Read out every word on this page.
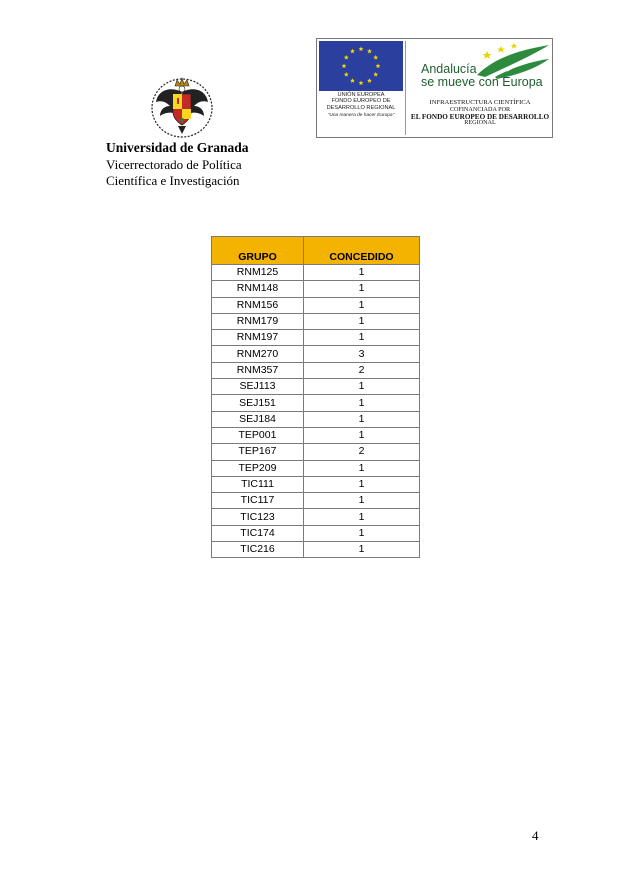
Universidad de Granada
Vicerrectorado de Política
Científica e Investigación
UNIÓN EUROPEA
FONDO EUROPEO DE
DESARROLLO REGIONAL
"Una manera de hacer Europa"
Andalucía
se mueve con Europa
INFRAESTRUCTURA CIENTÍFICA
COFINANCIADA POR
EL FONDO EUROPEO DE DESARROLLO
REGIONAL
GRUPO	CONCEDIDO
RNM125	1
RNM148	1
RNM156	1
RNM179	1
RNM197	1
RNM270	3
RNM357	2
SEJ113	1
SEJ151	1
SEJ184	1
TEP001	1
TEP167	2
TEP209	1
TIC111	1
TIC117	1
TIC123	1
TIC174	1
TIC216	1
4
